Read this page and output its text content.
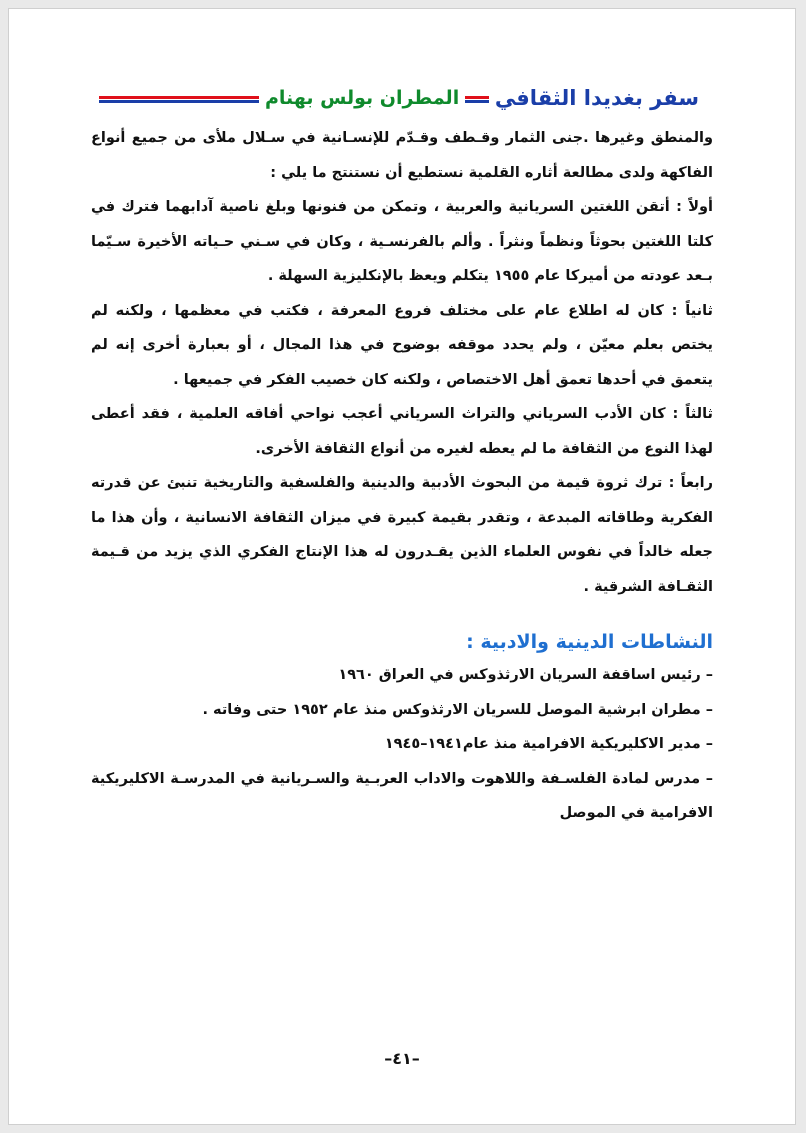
سفر بغديدا الثقافي
المطران بولس بهنام

والمنطق وغيرها .جنى الثمار وقـطف وقـدّم للإنسـانية في سـلال ملأى من جميع أنواع الفاكهة ولدى مطالعة أثاره القلمية نستطيع أن نستنتج ما يلي :

أولاً : أتقن اللغتين السريانية والعربية ، وتمكن من فنونها وبلغ ناصية آدابهما فترك في كلتا اللغتين بحوثاً ونظماً ونثراً . وألم بالفرنسـية ، وكان في سـني حـياته الأخيرة سـيّما بـعد عودته من أميركا عام ١٩٥٥ يتكلم ويعظ بالإنكليزية السهلة .

ثانياً : كان له اطلاع عام على مختلف فروع المعرفة ، فكتب في معظمها ، ولكنه لم يختص بعلم معيّن ، ولم يحدد موقفه بوضوح في هذا المجال ، أو بعبارة أخرى إنه لم يتعمق في أحدها تعمق أهل الاختصاص ، ولكنه كان خصيب الفكر في جميعها .

ثالثاً : كان الأدب السرياني والتراث السرياني أعجب نواحي أفاقه العلمية ، فقد أعطى لهذا النوع من الثقافة ما لم يعطه لغيره من أنواع الثقافة الأخرى.

رابعاً : ترك ثروة قيمة من البحوث الأدبية والدينية والفلسفية والتاريخية تنبئ عن قدرته الفكرية وطاقاته المبدعة ، وتقدر بقيمة كبيرة في ميزان الثقافة الانسانية ، وأن هذا ما جعله خالداً في نفوس العلماء الذين يقـدرون له هذا الإنتاج الفكري الذي يزيد من قـيمة الثقـافة الشرقية .

النشاطات الدينية والادبية :

– رئيس اساقفة السريان الارثذوكس في العراق ١٩٦٠

– مطران ابرشية الموصل للسريان الارثذوكس منذ عام ١٩٥٢ حتى وفاته .

– مدير الاكليريكية الافرامية منذ عام١٩٤١–١٩٤٥

– مدرس لمادة الفلسـفة واللاهوت والاداب العربـية والسـريانية في المدرسـة الاكليريكية الافرامية في الموصل

–٤١–
